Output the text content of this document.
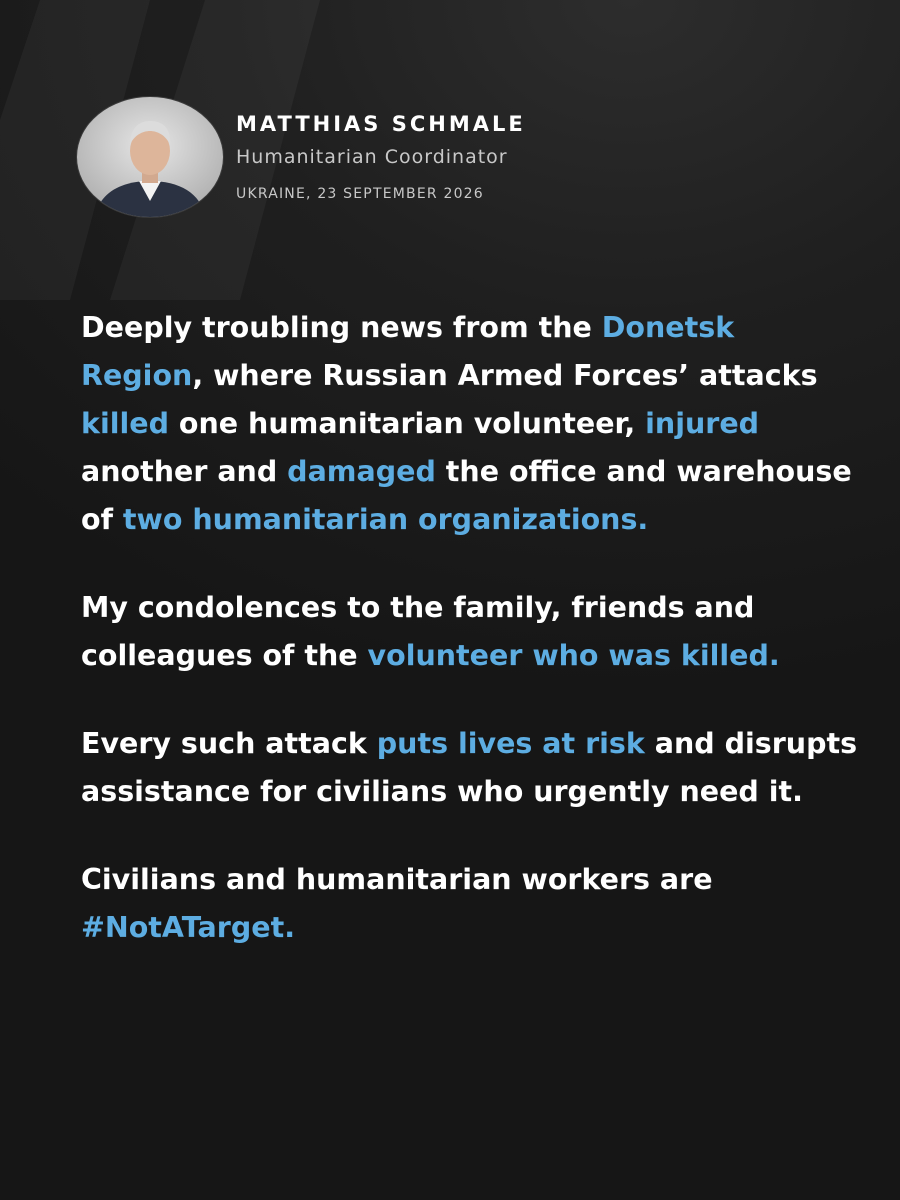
MATTHIAS SCHMALE
Humanitarian Coordinator
UKRAINE, 23 SEPTEMBER 2026

Deeply troubling news from the Donetsk Region, where Russian Armed Forces’ attacks killed one humanitarian volunteer, injured another and damaged the office and warehouse of two humanitarian organizations.

My condolences to the family, friends and colleagues of the volunteer who was killed.

Every such attack puts lives at risk and disrupts assistance for civilians who urgently need it.

Civilians and humanitarian workers are #NotATarget.
